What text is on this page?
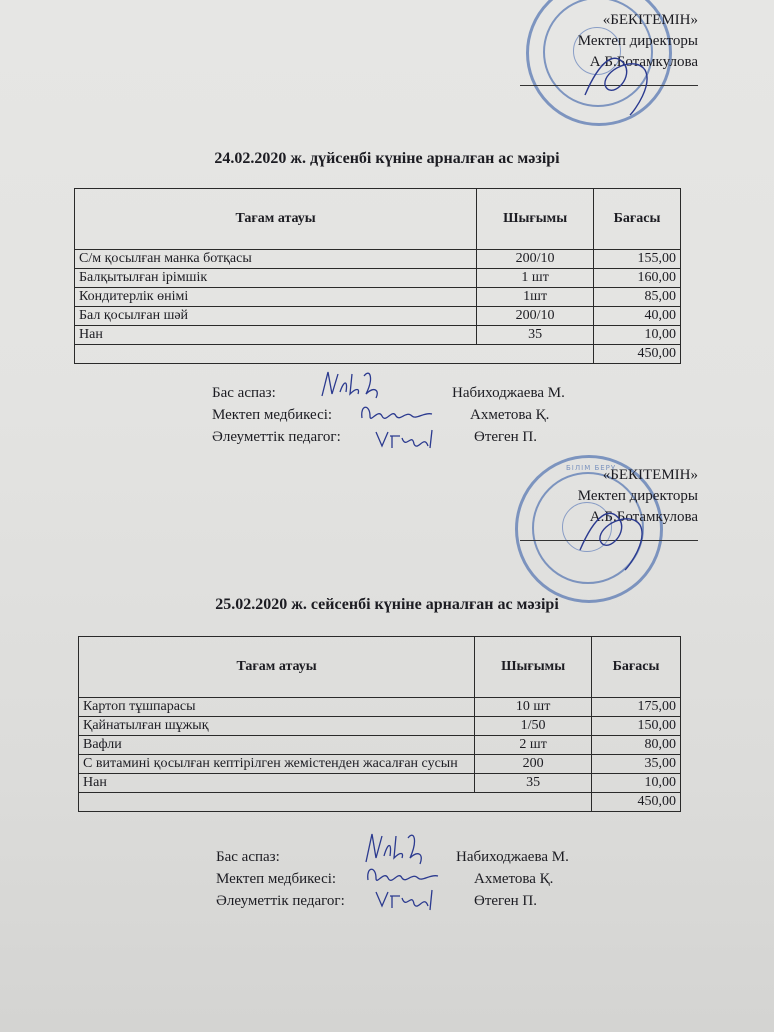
«БЕКІТЕМІН»
Мектеп директоры
А.Б.Ботамкулова
24.02.2020 ж. дүйсенбі күніне арналған ас мәзірі
Тағам атауы	Шығымы	Бағасы
С/м қосылған манка ботқасы	200/10	155,00
Балқытылған ірімшік	1 шт	160,00
Кондитерлік өнімі	1шт	85,00
Бал қосылған шәй	200/10	40,00
Нан	35	10,00
		450,00
Бас аспаз:	Набиходжаева М.
Мектеп медбикесі:	Ахметова Қ.
Әлеуметтік педагог:	Өтеген П.
БІЛІМ БЕРУ
«БЕКІТЕМІН»
Мектеп директоры
А.Б.Ботамкулова
25.02.2020 ж. сейсенбі күніне арналған ас мәзірі
Тағам атауы	Шығымы	Бағасы
Картоп тұшпарасы	10 шт	175,00
Қайнатылған шұжық	1/50	150,00
Вафли	2 шт	80,00
С витамині қосылған кептірілген жемістенден жасалған сусын	200	35,00
Нан	35	10,00
		450,00
Бас аспаз:	Набиходжаева М.
Мектеп медбикесі:	Ахметова Қ.
Әлеуметтік педагог:	Өтеген П.
